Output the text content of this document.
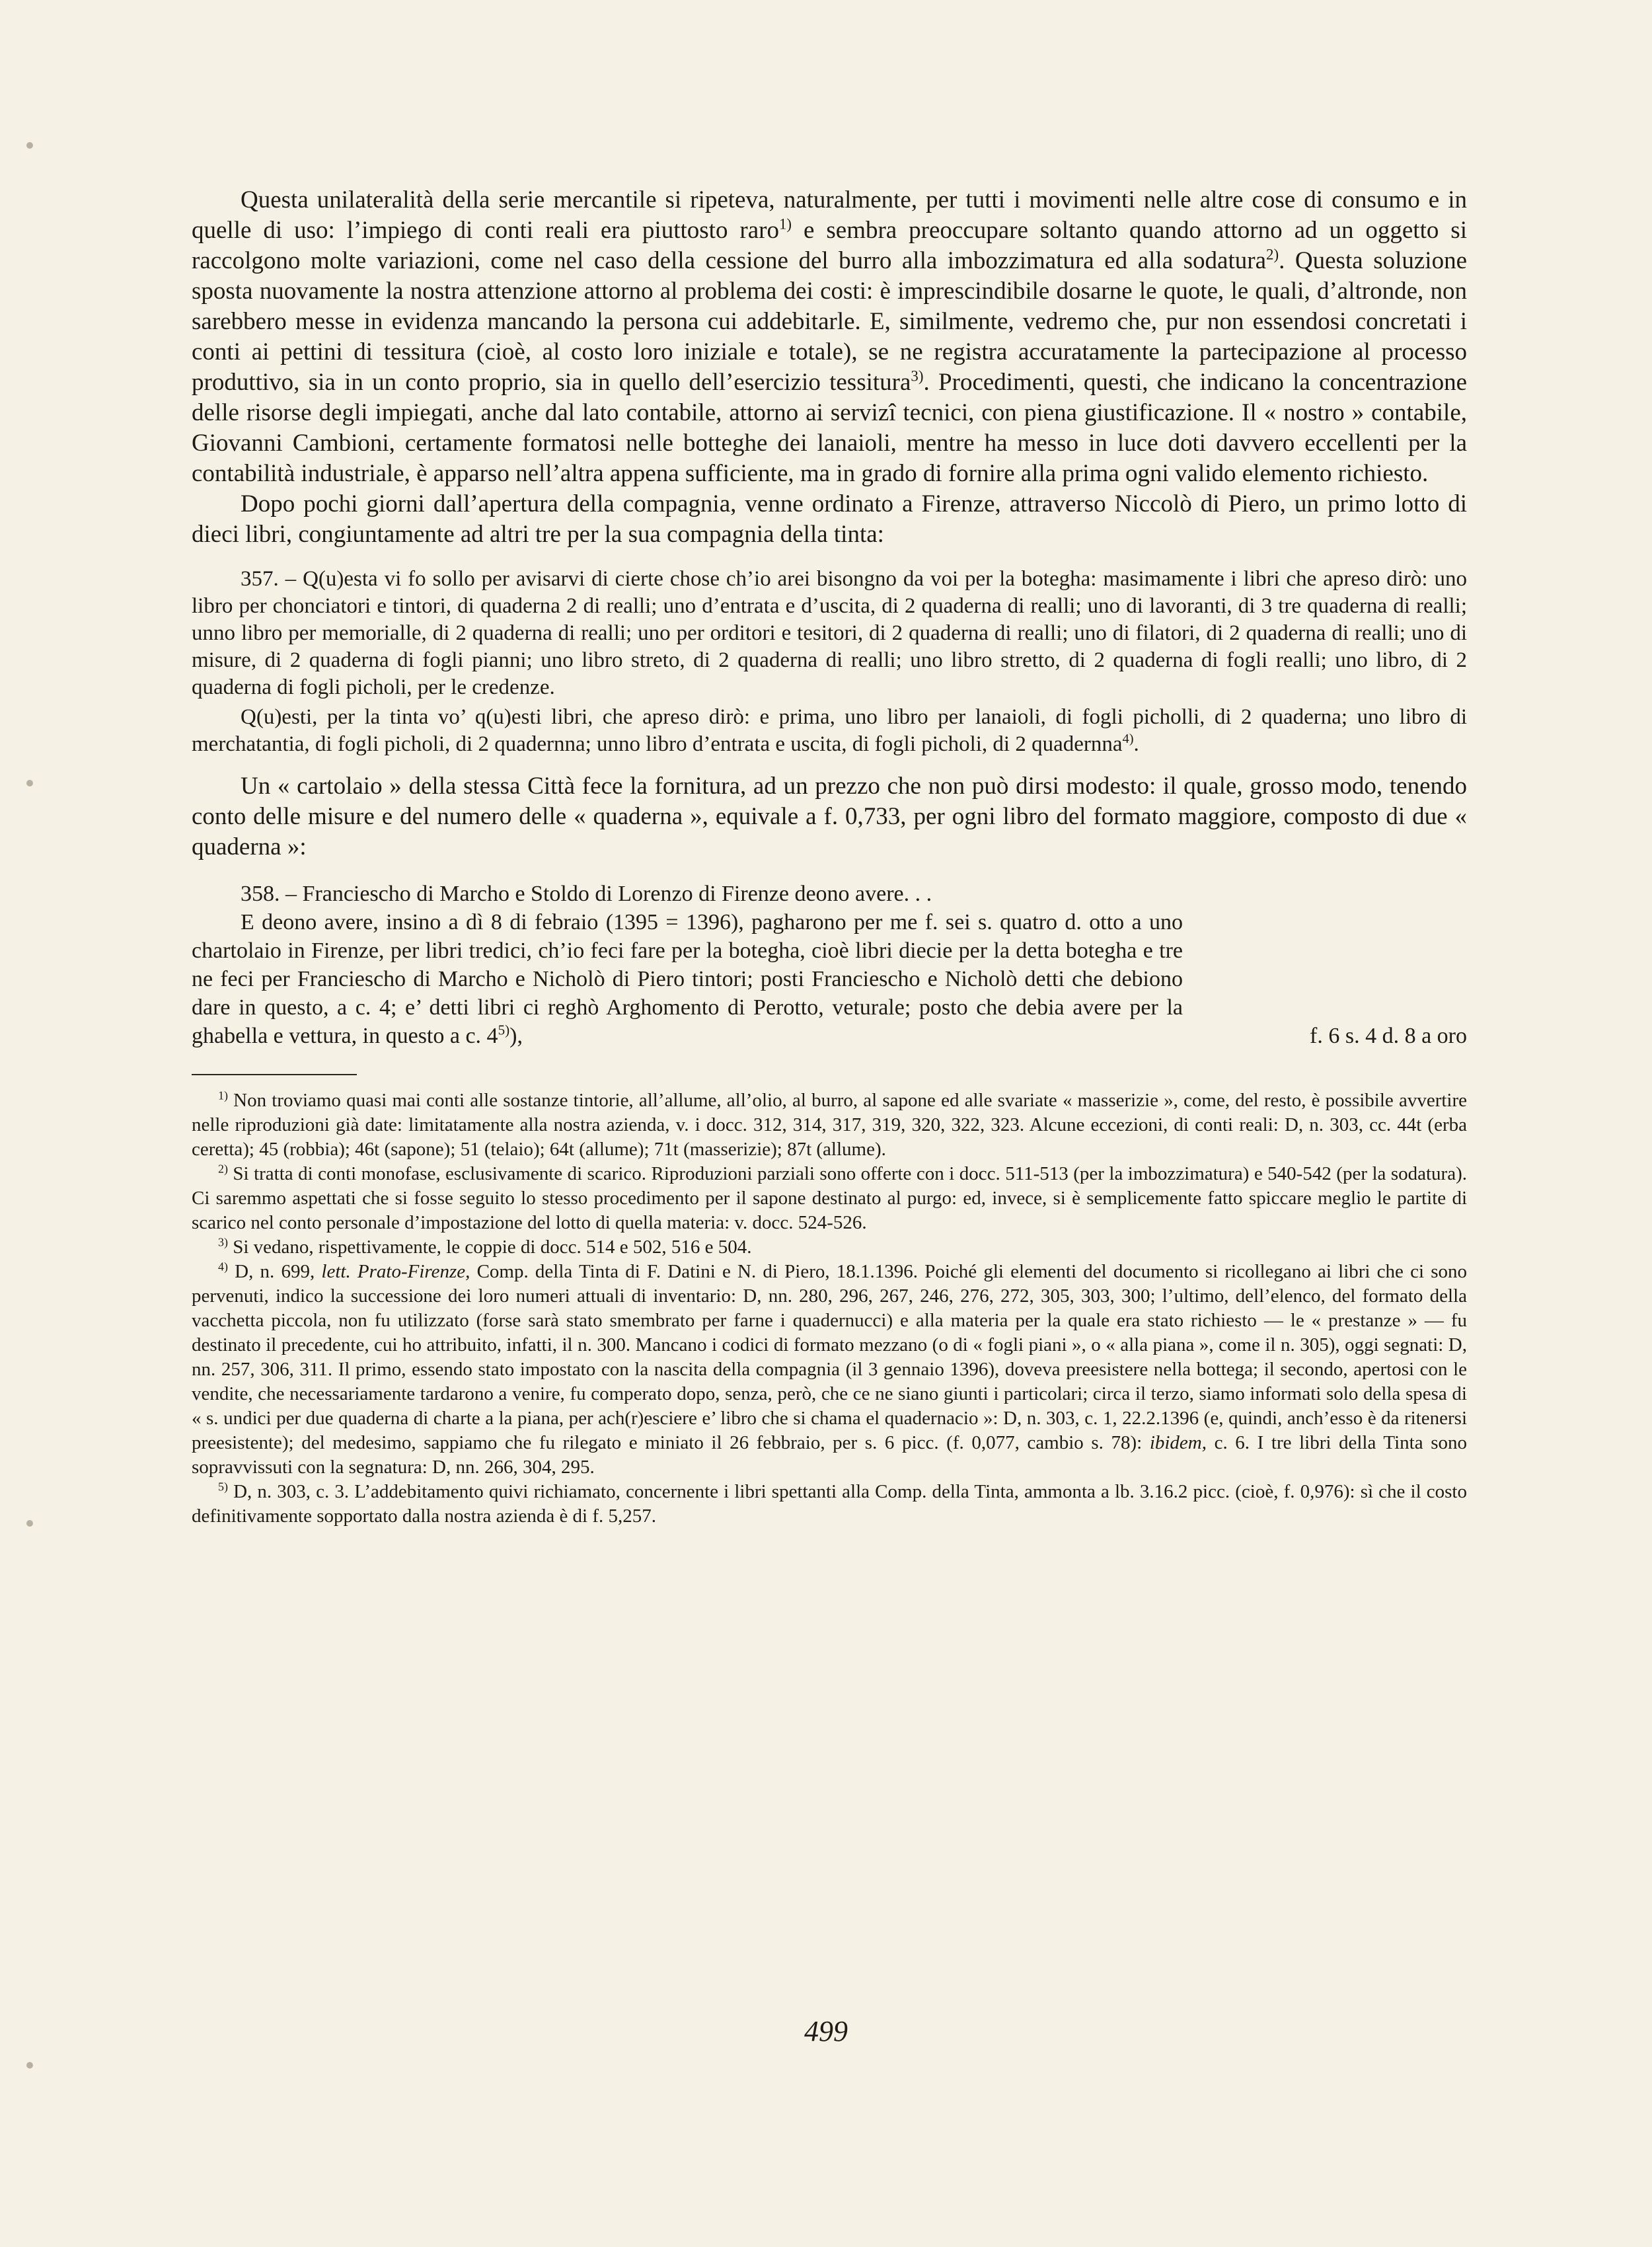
Questa unilateralità della serie mercantile si ripeteva, naturalmente, per tutti i movimenti nelle altre cose di consumo e in quelle di uso: l’impiego di conti reali era piuttosto raro$^{1)}$ e sembra preoccupare soltanto quando attorno ad un oggetto si raccolgono molte variazioni, come nel caso della cessione del burro alla imbozzimatura ed alla sodatura$^{2)}$. Questa soluzione sposta nuovamente la nostra attenzione attorno al problema dei costi: è imprescindibile dosarne le quote, le quali, d’altronde, non sarebbero messe in evidenza mancando la persona cui addebitarle. E, similmente, vedremo che, pur non essendosi concretati i conti ai pettini di tessitura (cioè, al costo loro iniziale e totale), se ne registra accuratamente la partecipazione al processo produttivo, sia in un conto proprio, sia in quello dell’esercizio tessitura$^{3)}$. Procedimenti, questi, che indicano la concentrazione delle risorse degli impiegati, anche dal lato contabile, attorno ai servizî tecnici, con piena giustificazione. Il « nostro » contabile, Giovanni Cambioni, certamente formatosi nelle botteghe dei lanaioli, mentre ha messo in luce doti davvero eccellenti per la contabilità industriale, è apparso nell’altra appena sufficiente, ma in grado di fornire alla prima ogni valido elemento richiesto.

Dopo pochi giorni dall’apertura della compagnia, venne ordinato a Firenze, attraverso Niccolò di Piero, un primo lotto di dieci libri, congiuntamente ad altri tre per la sua compagnia della tinta:

357. – Q(u)esta vi fo sollo per avisarvi di cierte chose ch’io arei bisongno da voi per la botegha: masimamente i libri che apreso dirò: uno libro per chonciatori e tintori, di quaderna 2 di realli; uno d’entrata e d’uscita, di 2 quaderna di realli; uno di lavoranti, di 3 tre quaderna di realli; unno libro per memorialle, di 2 quaderna di realli; uno per orditori e tesitori, di 2 quaderna di realli; uno di filatori, di 2 quaderna di realli; uno di misure, di 2 quaderna di fogli pianni; uno libro streto, di 2 quaderna di realli; uno libro stretto, di 2 quaderna di fogli realli; uno libro, di 2 quaderna di fogli picholi, per le credenze.

Q(u)esti, per la tinta vo’ q(u)esti libri, che apreso dirò: e prima, uno libro per lanaioli, di fogli picholli, di 2 quaderna; uno libro di merchatantia, di fogli picholi, di 2 quadernna; unno libro d’entrata e uscita, di fogli picholi, di 2 quadernna$^{4)}$.

Un « cartolaio » della stessa Città fece la fornitura, ad un prezzo che non può dirsi modesto: il quale, grosso modo, tenendo conto delle misure e del numero delle « quaderna », equivale a f. 0,733, per ogni libro del formato maggiore, composto di due « quaderna »:

358. – Franciescho di Marcho e Stoldo di Lorenzo di Firenze deono avere. . .

E deono avere, insino a dì 8 di febraio (1395 = 1396), pagharono per me f. sei s. quatro d. otto a uno chartolaio in Firenze, per libri tredici, ch’io feci fare per la botegha, cioè libri diecie per la detta botegha e tre ne feci per Franciescho di Marcho e Nicholò di Piero tintori; posti Franciescho e Nicholò detti che debiono dare in questo, a c. 4; e’ detti libri ci reghò Arghomento di Perotto, veturale; posto che debia avere per la ghabella e vettura, in questo a c. 4$^{5)}$),	f. 6 s. 4 d. 8 a oro

$^{1)}$ Non troviamo quasi mai conti alle sostanze tintorie, all’allume, all’olio, al burro, al sapone ed alle svariate « masserizie », come, del resto, è possibile avvertire nelle riproduzioni già date: limitatamente alla nostra azienda, v. i docc. 312, 314, 317, 319, 320, 322, 323. Alcune eccezioni, di conti reali: D, n. 303, cc. 44t (erba ceretta); 45 (robbia); 46t (sapone); 51 (telaio); 64t (allume); 71t (masserizie); 87t (allume).

$^{2)}$ Si tratta di conti monofase, esclusivamente di scarico. Riproduzioni parziali sono offerte con i docc. 511-513 (per la imbozzimatura) e 540-542 (per la sodatura). Ci saremmo aspettati che si fosse seguito lo stesso procedimento per il sapone destinato al purgo: ed, invece, si è semplicemente fatto spiccare meglio le partite di scarico nel conto personale d’impostazione del lotto di quella materia: v. docc. 524-526.

$^{3)}$ Si vedano, rispettivamente, le coppie di docc. 514 e 502, 516 e 504.

$^{4)}$ D, n. 699, lett. Prato-Firenze, Comp. della Tinta di F. Datini e N. di Piero, 18.1.1396. Poiché gli elementi del documento si ricollegano ai libri che ci sono pervenuti, indico la successione dei loro numeri attuali di inventario: D, nn. 280, 296, 267, 246, 276, 272, 305, 303, 300; l’ultimo, dell’elenco, del formato della vacchetta piccola, non fu utilizzato (forse sarà stato smembrato per farne i quadernucci) e alla materia per la quale era stato richiesto — le « prestanze » — fu destinato il precedente, cui ho attribuito, infatti, il n. 300. Mancano i codici di formato mezzano (o di « fogli piani », o « alla piana », come il n. 305), oggi segnati: D, nn. 257, 306, 311. Il primo, essendo stato impostato con la nascita della compagnia (il 3 gennaio 1396), doveva preesistere nella bottega; il secondo, apertosi con le vendite, che necessariamente tardarono a venire, fu comperato dopo, senza, però, che ce ne siano giunti i particolari; circa il terzo, siamo informati solo della spesa di « s. undici per due quaderna di charte a la piana, per ach(r)esciere e’ libro che si chama el quadernacio »: D, n. 303, c. 1, 22.2.1396 (e, quindi, anch’esso è da ritenersi preesistente); del medesimo, sappiamo che fu rilegato e miniato il 26 febbraio, per s. 6 picc. (f. 0,077, cambio s. 78): ibidem, c. 6. I tre libri della Tinta sono sopravvissuti con la segnatura: D, nn. 266, 304, 295.

$^{5)}$ D, n. 303, c. 3. L’addebitamento quivi richiamato, concernente i libri spettanti alla Comp. della Tinta, ammonta a lb. 3.16.2 picc. (cioè, f. 0,976): sì che il costo definitivamente sopportato dalla nostra azienda è di f. 5,257.

499
